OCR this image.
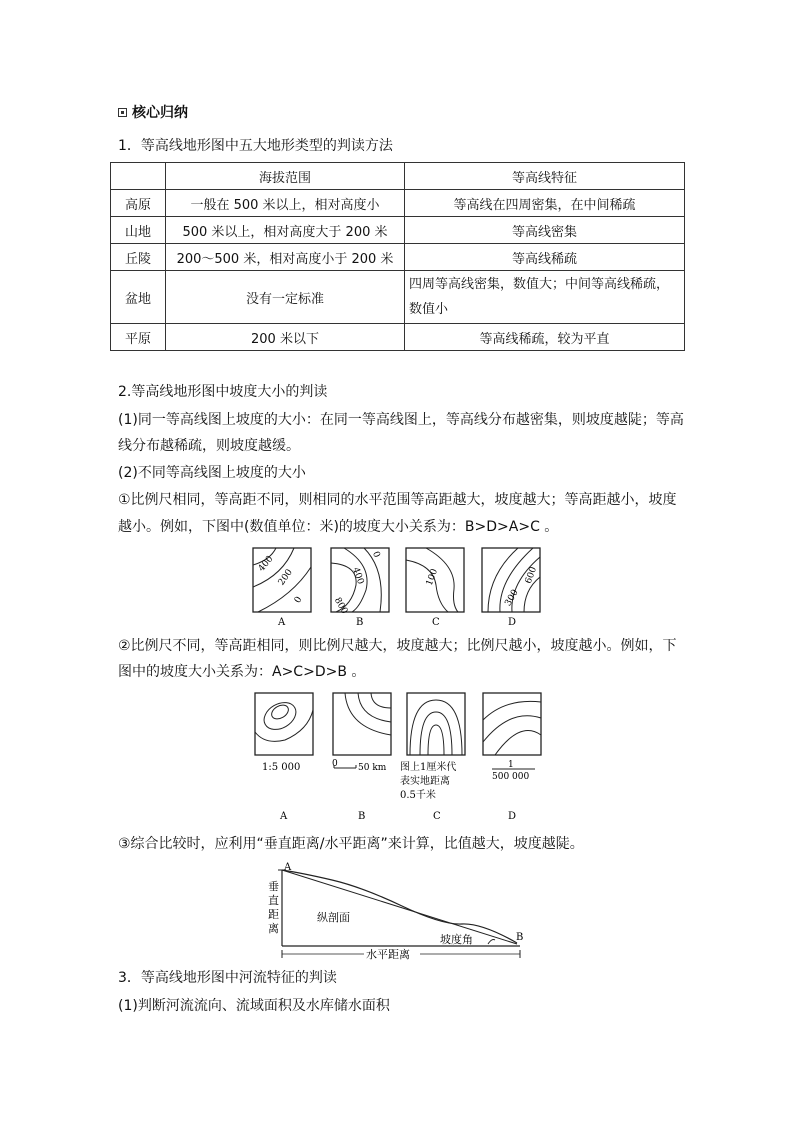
核心归纳
1．等高线地形图中五大地形类型的判读方法
	海拔范围	等高线特征
高原	一般在 500 米以上，相对高度小	等高线在四周密集，在中间稀疏
山地	500 米以上，相对高度大于 200 米	等高线密集
丘陵	200～500 米，相对高度小于 200 米	等高线稀疏
盆地	没有一定标准	四周等高线密集，数值大；中间等高线稀疏，
数值小

平原	200 米以下	等高线稀疏，较为平直
2.等高线地形图中坡度大小的判读
(1)同一等高线图上坡度的大小：在同一等高线图上，等高线分布越密集，则坡度越陡；等高
线分布越稀疏，则坡度越缓。
(2)不同等高线图上坡度的大小
①比例尺相同，等高距不同，则相同的水平范围等高距越大，坡度越大；等高距越小，坡度
越小。例如，下图中(数值单位：米)的坡度大小关系为：B>D>A>C 。
400
200
0	800
400
0
100	600
300
A	B	C	D
②比例尺不同，等高距相同，则比例尺越大，坡度越大；比例尺越小，坡度越小。例如，下
图中的坡度大小关系为：A>C>D>B 。
1:5 000	0 50 km 图上1厘米代
表实地距离
0.5千米
1
500 000
A	B	C	D
③综合比较时，应利用“垂直距离/水平距离”来计算，比值越大，坡度越陡。
A
B
垂
直
距
离
纵剖面
坡度角
水平距离
3．等高线地形图中河流特征的判读
(1)判断河流流向、流域面积及水库储水面积
